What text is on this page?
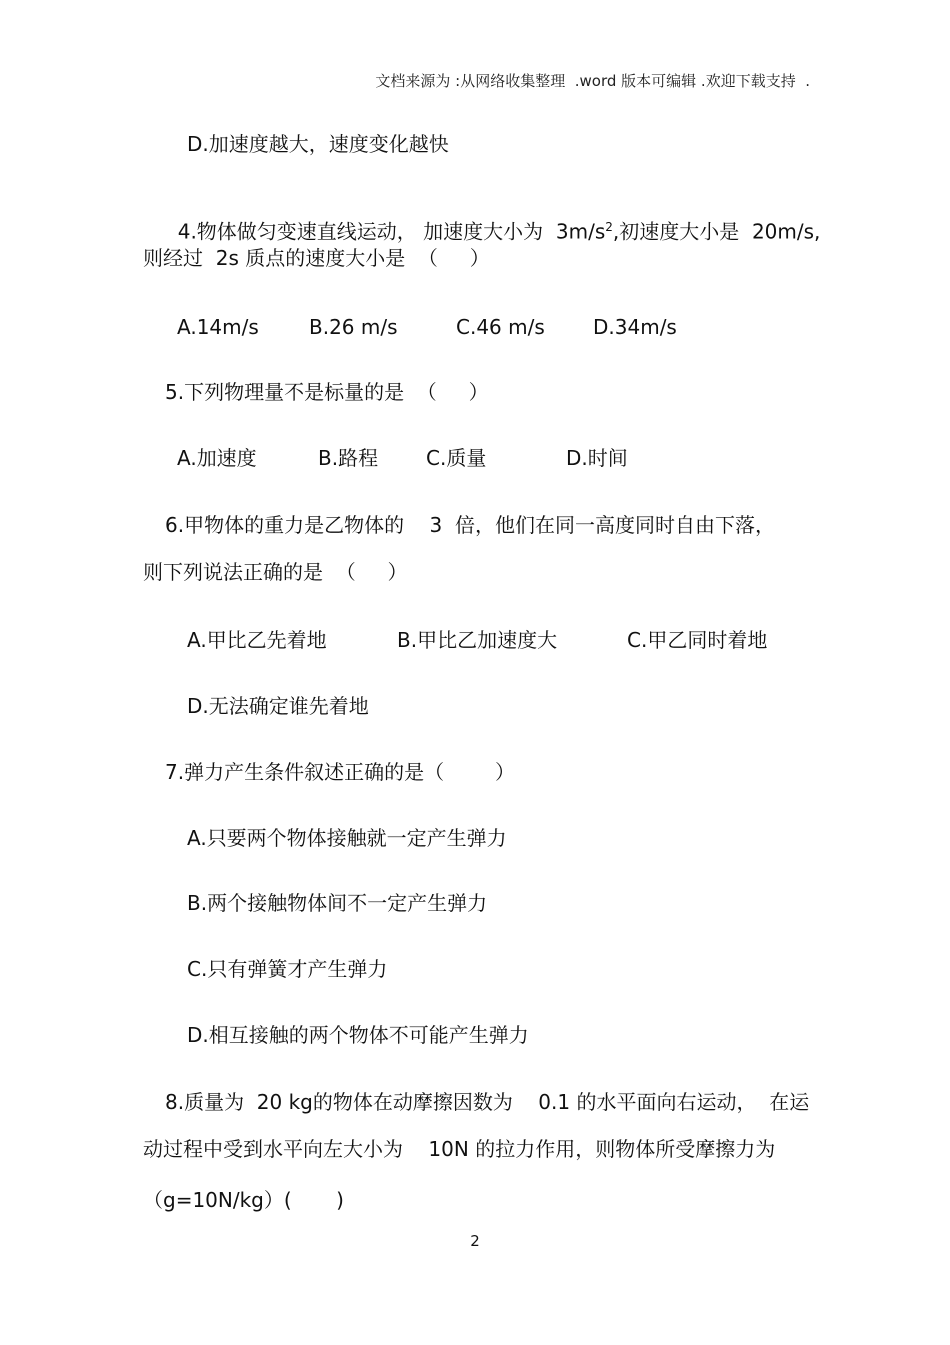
文档来源为 :从网络收集整理  .word 版本可编辑 .欢迎下载支持  .
D.加速度越大，速度变化越快

4.物体做匀变速直线运动， 加速度大小为  $3m/s^2$,初速度大小是  20m/s,

则经过  2s 质点的速度大小是  （     ）
A.14m/s	B.26 m/s	C.46 m/s D.34m/s
5.下列物理量不是标量的是  （     ）
A.加速度	B.路程 C.质量	D.时间
6.甲物体的重力是乙物体的    3  倍，他们在同一高度同时自由下落，
则下列说法正确的是  （     ）
A.甲比乙先着地	B.甲比乙加速度大	C.甲乙同时着地
D.无法确定谁先着地
7.弹力产生条件叙述正确的是（        ）
A.只要两个物体接触就一定产生弹力
B.两个接触物体间不一定产生弹力
C.只有弹簧才产生弹力
D.相互接触的两个物体不可能产生弹力
8.质量为  20 kg的物体在动摩擦因数为    0.1 的水平面向右运动，  在运
动过程中受到水平向左大小为    10N 的拉力作用，则物体所受摩擦力为
（g=10N/kg）(       )
2
